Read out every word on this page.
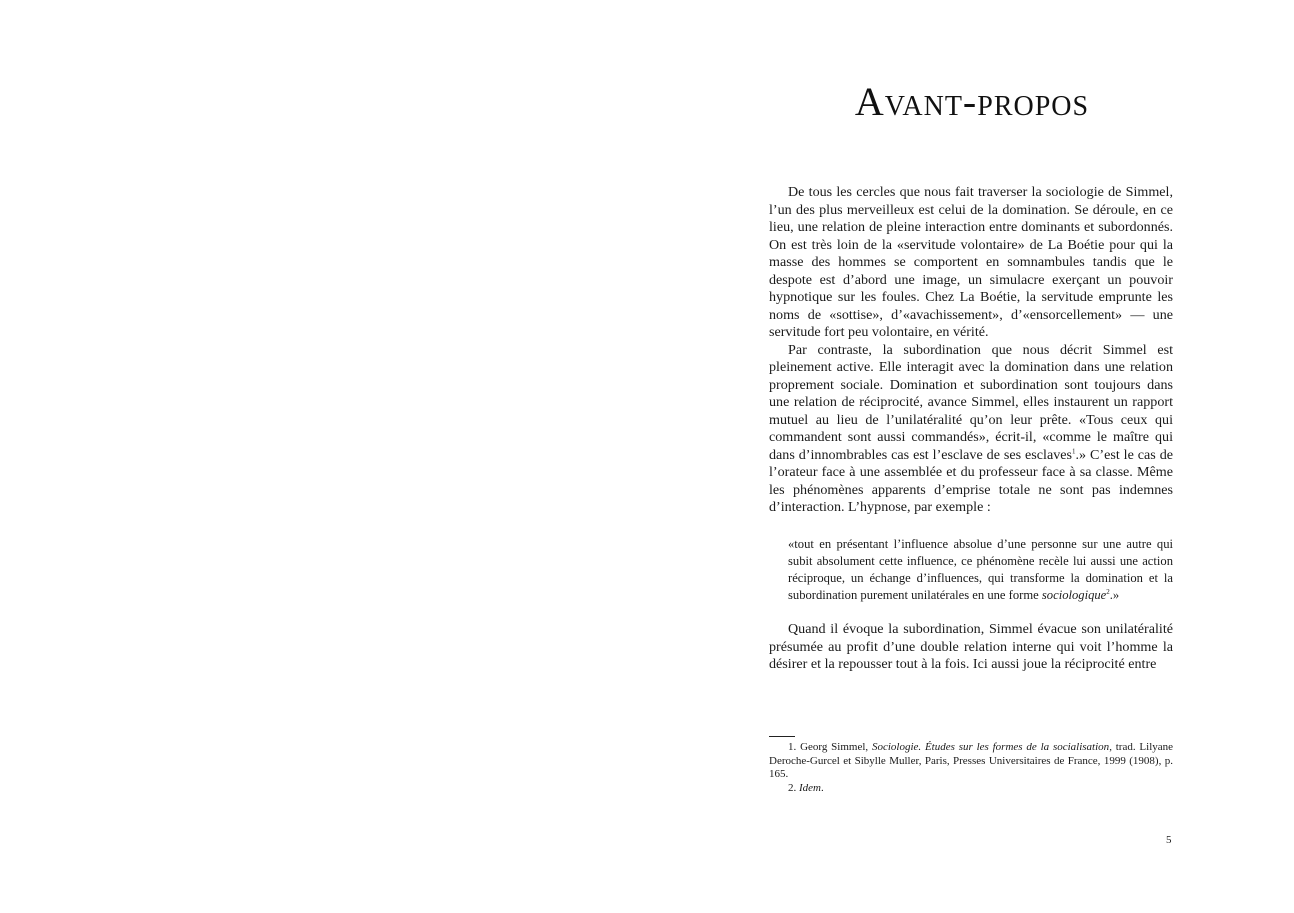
Avant-propos

De tous les cercles que nous fait traverser la sociologie de Simmel, l’un des plus merveilleux est celui de la domination. Se déroule, en ce lieu, une relation de pleine interaction entre dominants et subordonnés. On est très loin de la «servitude volontaire» de La Boétie pour qui la masse des hommes se comportent en somnambules tandis que le despote est d’abord une image, un simulacre exerçant un pouvoir hypnotique sur les foules. Chez La Boétie, la servitude emprunte les noms de «sottise», d’«avachissement», d’«ensorcellement» — une servitude fort peu volontaire, en vérité.

Par contraste, la subordination que nous décrit Simmel est pleinement active. Elle interagit avec la domination dans une relation proprement sociale. Domination et subordination sont toujours dans une relation de réciprocité, avance Simmel, elles instaurent un rapport mutuel au lieu de l’unilatéralité qu’on leur prête. «Tous ceux qui commandent sont aussi commandés», écrit-il, «comme le maître qui dans d’innombrables cas est l’esclave de ses esclaves$^1$.» C’est le cas de l’orateur face à une assemblée et du professeur face à sa classe. Même les phénomènes apparents d’emprise totale ne sont pas indemnes d’interaction. L’hypnose, par exemple :

«tout en présentant l’influence absolue d’une personne sur une autre qui subit absolument cette influence, ce phénomène recèle lui aussi une action réciproque, un échange d’influences, qui transforme la domination et la subordination purement unilatérales en une forme sociologique$^2$.»

Quand il évoque la subordination, Simmel évacue son unilatéralité présumée au profit d’une double relation interne qui voit l’homme la désirer et la repousser tout à la fois. Ici aussi joue la réciprocité entre

1. Georg Simmel, Sociologie. Études sur les formes de la socialisation, trad. Lilyane Deroche-Gurcel et Sibylle Muller, Paris, Presses Universitaires de France, 1999 (1908), p. 165.

2. Idem.

5
